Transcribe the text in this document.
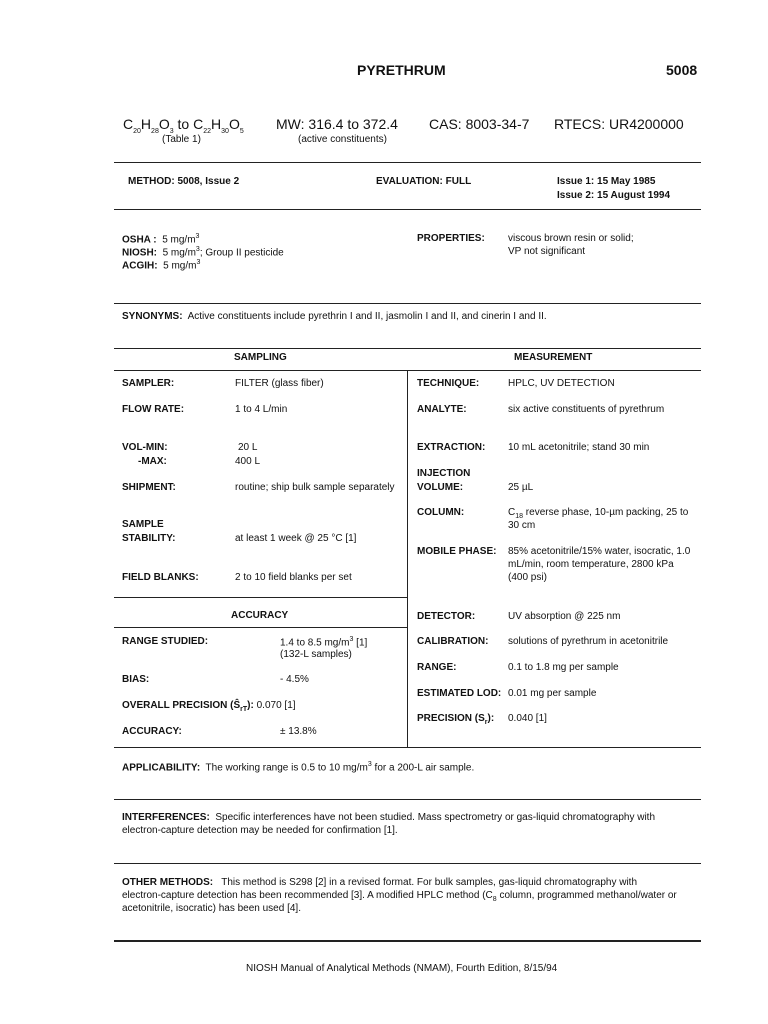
PYRETHRUM	5008
$C_{20}H_{28}O_3$ to $C_{22}H_{30}O_5$
(Table 1)
MW: 316.4 to 372.4
(active constituents)
CAS: 8003-34-7 RTECS: UR4200000
METHOD: 5008, Issue 2	EVALUATION: FULL	Issue 1: 15 May 1985
Issue 2: 15 August 1994
OSHA : 5 $mg/m^3$
NIOSH: 5 $mg/m^3$; Group II pesticide
ACGIH: 5 $mg/m^3$
PROPERTIES: viscous brown resin or solid;
VP not significant
SYNONYMS: Active constituents include pyrethrin I and II, jasmolin I and II, and cinerin I and II.
SAMPLING	MEASUREMENT
SAMPLER:	FILTER (glass fiber)
FLOW RATE:	1 to 4 L/min
VOL-MIN:	20 L
-MAX:	400 L
SHIPMENT:	routine; ship bulk sample separately
SAMPLE
STABILITY:	at least 1 week @ 25 °C [1]
FIELD BLANKS:	2 to 10 field blanks per set
ACCURACY
RANGE STUDIED:	1.4 to 8.5 $mg/m^3$ [1]
(132-L samples)
BIAS:	- 4.5%
OVERALL PRECISION $(Ŝ_{rT})$: 0.070 [1]
ACCURACY:	± 13.8%
TECHNIQUE:	HPLC, UV DETECTION
ANALYTE:	six active constituents of pyrethrum
EXTRACTION: 10 mL acetonitrile; stand 30 min
INJECTION
VOLUME:	25 µL
COLUMN:	$C_{18}$ reverse phase, 10-µm packing, 25 to
30 cm
MOBILE PHASE: 85% acetonitrile/15% water, isocratic, 1.0
mL/min, room temperature, 2800 kPa
(400 psi)
DETECTOR:	UV absorption @ 225 nm
CALIBRATION: solutions of pyrethrum in acetonitrile
RANGE:	0.1 to 1.8 mg per sample
ESTIMATED LOD: 0.01 mg per sample
PRECISION $(S_r)$: 0.040 [1]
APPLICABILITY: The working range is 0.5 to 10 $mg/m^3$ for a 200-L air sample.
INTERFERENCES: Specific interferences have not been studied. Mass spectrometry or gas-liquid chromatography with
electron-capture detection may be needed for confirmation [1].
OTHER METHODS: This method is S298 [2] in a revised format. For bulk samples, gas-liquid chromatography with
electron-capture detection has been recommended [3]. A modified HPLC method ($C_8$ column, programmed methanol/water or
acetonitrile, isocratic) has been used [4].
NIOSH Manual of Analytical Methods (NMAM), Fourth Edition, 8/15/94
